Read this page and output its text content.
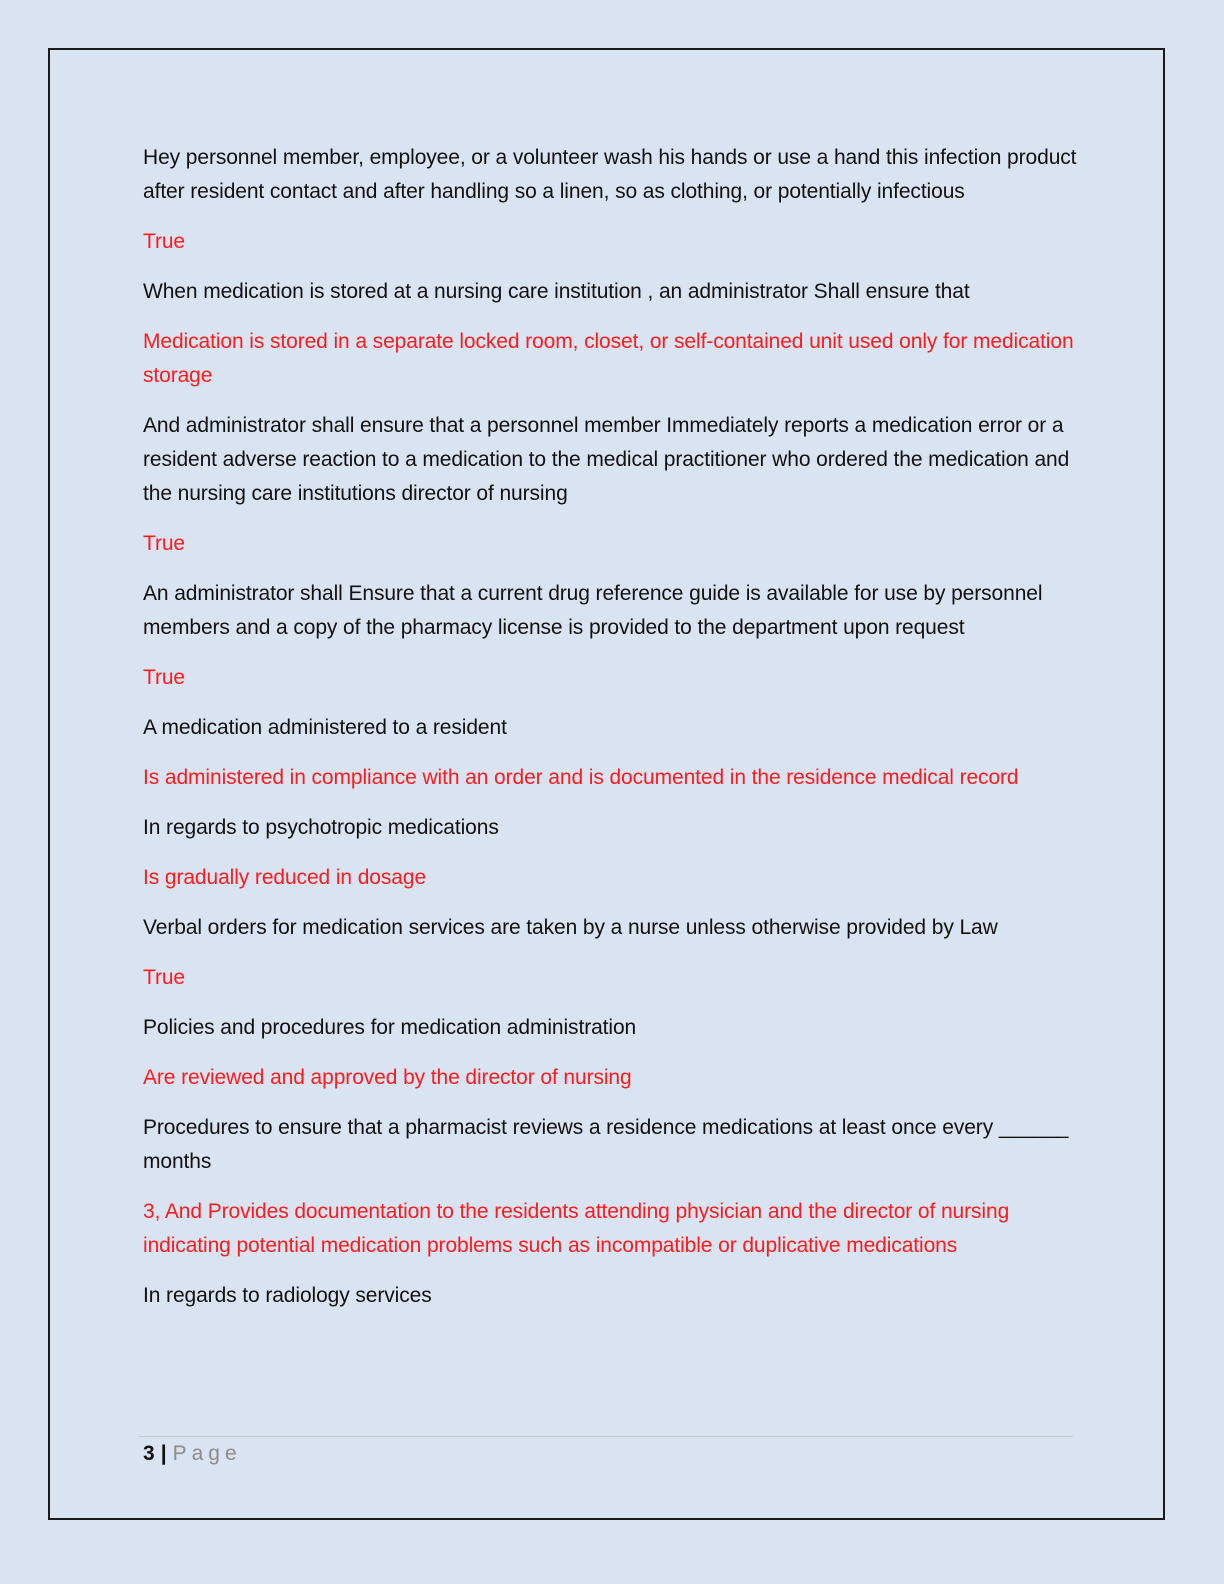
Hey personnel member, employee, or a volunteer wash his hands or use a hand this infection product after resident contact and after handling so a linen, so as clothing, or potentially infectious

True

When medication is stored at a nursing care institution , an administrator Shall ensure that

Medication is stored in a separate locked room, closet, or self-contained unit used only for medication storage

And administrator shall ensure that a personnel member Immediately reports a medication error or a resident adverse reaction to a medication to the medical practitioner who ordered the medication and the nursing care institutions director of nursing

True

An administrator shall Ensure that a current drug reference guide is available for use by personnel members and a copy of the pharmacy license is provided to the department upon request

True

A medication administered to a resident

Is administered in compliance with an order and is documented in the residence medical record

In regards to psychotropic medications

Is gradually reduced in dosage

Verbal orders for medication services are taken by a nurse unless otherwise provided by Law

True

Policies and procedures for medication administration

Are reviewed and approved by the director of nursing

Procedures to ensure that a pharmacist reviews a residence medications at least once every ______ months

3, And Provides documentation to the residents attending physician and the director of nursing indicating potential medication problems such as incompatible or duplicative medications

In regards to radiology services

3 | Page
